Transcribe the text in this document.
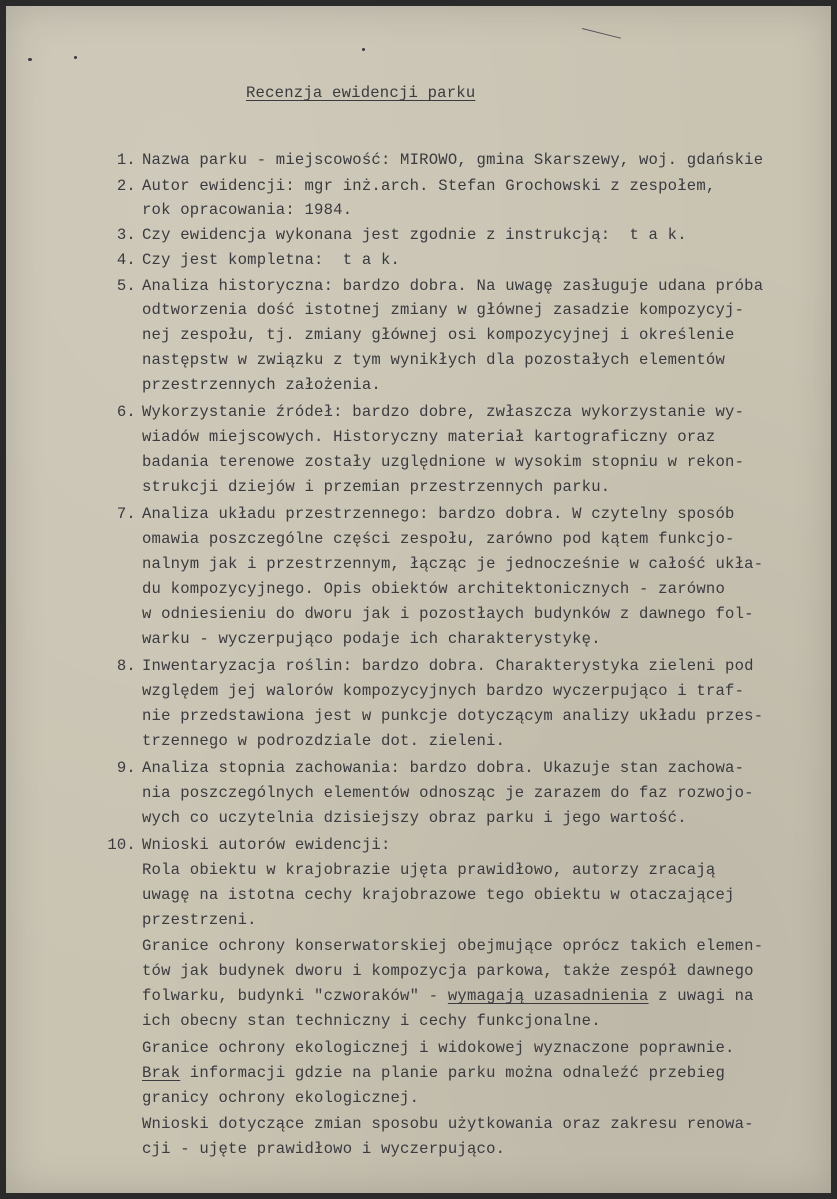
Recenzja ewidencji parku

1.

Nazwa parku - miejscowość: MIROWO, gmina Skarszewy, woj. gdańskie

2.

Autor ewidencji: mgr inż.arch. Stefan Grochowski z zespołem,

rok opracowania: 1984.

3.

Czy ewidencja wykonana jest zgodnie z instrukcją:  t a k.

4.

Czy jest kompletna:  t a k.

5.

Analiza historyczna: bardzo dobra. Na uwagę zasługuje udana próba

odtworzenia dość istotnej zmiany w głównej zasadzie kompozycyj-

nej zespołu, tj. zmiany głównej osi kompozycyjnej i określenie

następstw w związku z tym wynikłych dla pozostałych elementów

przestrzennych założenia.

6.

Wykorzystanie źródeł: bardzo dobre, zwłaszcza wykorzystanie wy-

wiadów miejscowych. Historyczny materiał kartograficzny oraz

badania terenowe zostały uzględnione w wysokim stopniu w rekon-

strukcji dziejów i przemian przestrzennych parku.

7.

Analiza układu przestrzennego: bardzo dobra. W czytelny sposób

omawia poszczególne części zespołu, zarówno pod kątem funkcjo-

nalnym jak i przestrzennym, łącząc je jednocześnie w całość ukła-

du kompozycyjnego. Opis obiektów architektonicznych - zarówno

w odniesieniu do dworu jak i pozostłaych budynków z dawnego fol-

warku - wyczerpująco podaje ich charakterystykę.

8.

Inwentaryzacja roślin: bardzo dobra. Charakterystyka zieleni pod

względem jej walorów kompozycyjnych bardzo wyczerpująco i traf-

nie przedstawiona jest w punkcje dotyczącym analizy układu przes-

trzennego w podrozdziale dot. zieleni.

9.

Analiza stopnia zachowania: bardzo dobra. Ukazuje stan zachowa-

nia poszczególnych elementów odnosząc je zarazem do faz rozwojo-

wych co uczytelnia dzisiejszy obraz parku i jego wartość.

10.

Wnioski autorów ewidencji:

Rola obiektu w krajobrazie ujęta prawidłowo, autorzy zracają

uwagę na istotna cechy krajobrazowe tego obiektu w otaczającej

przestrzeni.

Granice ochrony konserwatorskiej obejmujące oprócz takich elemen-

tów jak budynek dworu i kompozycja parkowa, także zespół dawnego

folwarku, budynki "czworaków" - wymagają uzasadnienia z uwagi na

ich obecny stan techniczny i cechy funkcjonalne.

Granice ochrony ekologicznej i widokowej wyznaczone poprawnie.

Brak informacji gdzie na planie parku można odnaleźć przebieg

granicy ochrony ekologicznej.

Wnioski dotyczące zmian sposobu użytkowania oraz zakresu renowa-

cji - ujęte prawidłowo i wyczerpująco.
